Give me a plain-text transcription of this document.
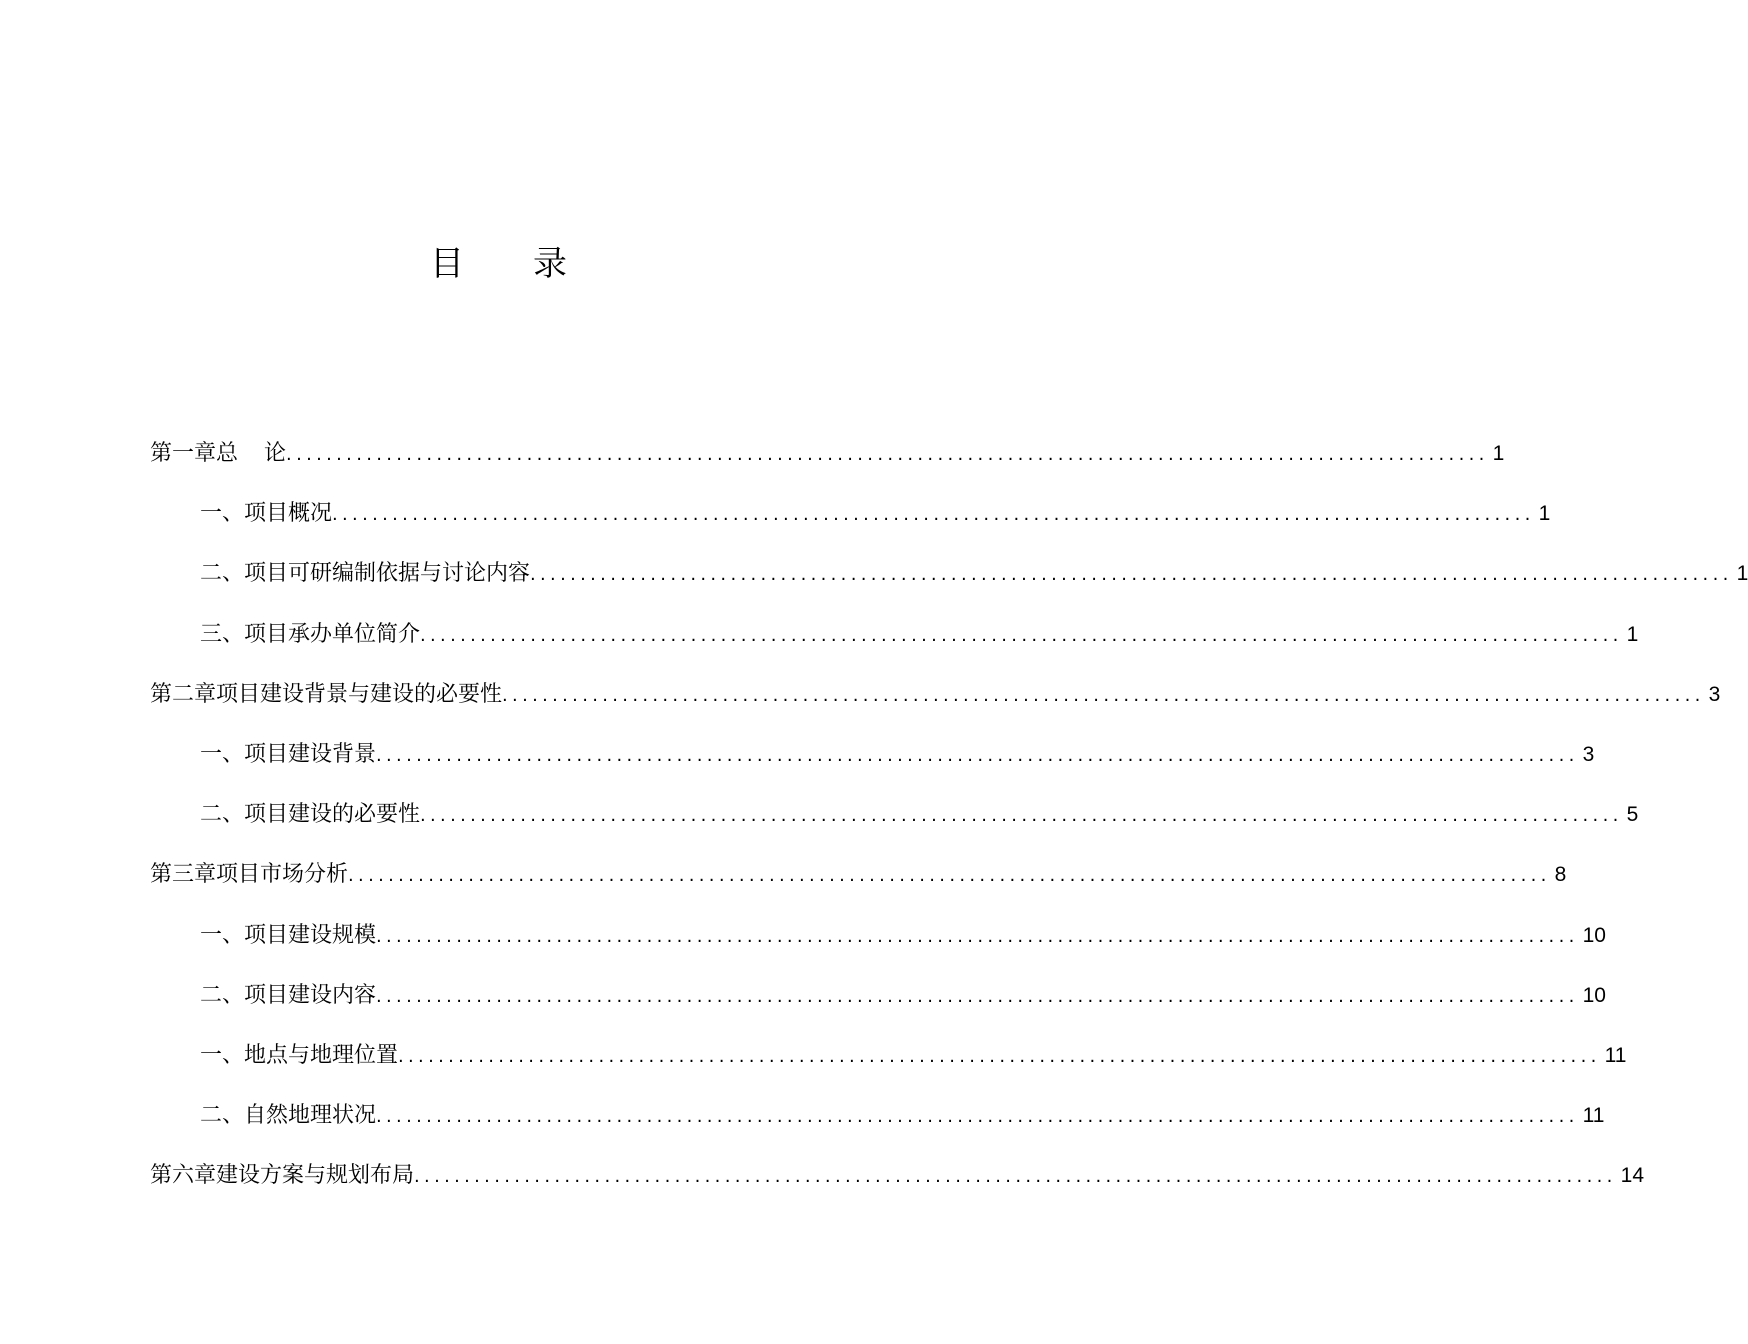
目 录
第一章 总 论 ........................................................................................................................ 1
一、项目概况 ........................................................................................................................ 1
二、项目可研编制依据与讨论内容 ........................................................................................................................ 1
三、项目承办单位简介 ........................................................................................................................ 1
第二章 项目建设背景与建设的必要性 ........................................................................................................................ 3
一、项目建设背景 ........................................................................................................................ 3
二、项目建设的必要性 ........................................................................................................................ 5
第三章 项目市场分析 ........................................................................................................................ 8
一、项目建设规模 ........................................................................................................................ 10
二、项目建设内容 ........................................................................................................................ 10
一、地点与地理位置 ........................................................................................................................ 11
二、自然地理状况 ........................................................................................................................ 11
第六章 建设方案与规划布局 ........................................................................................................................ 14
